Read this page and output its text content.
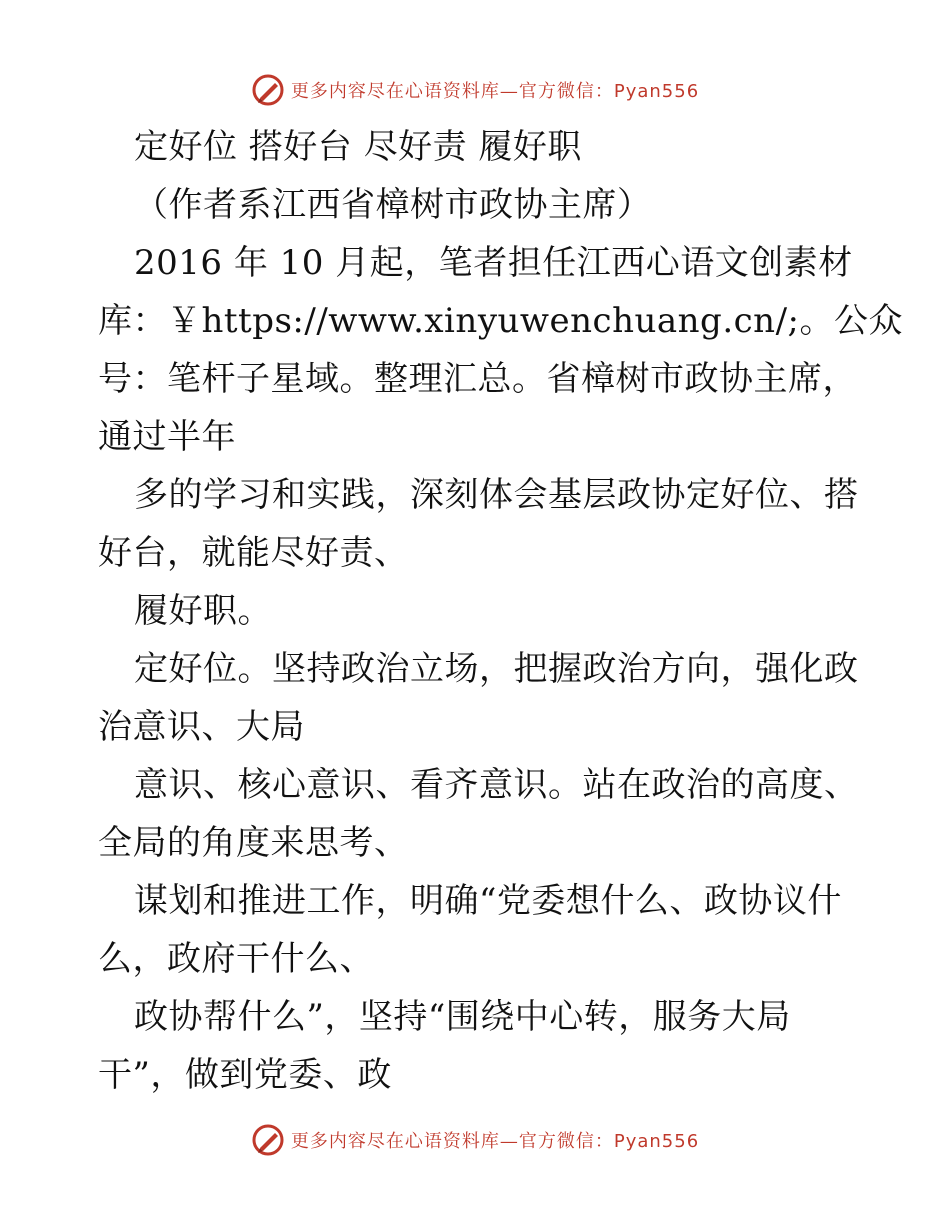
更多内容尽在心语资料库—官方微信：Pyan556
定好位 搭好台 尽好责 履好职
（作者系江西省樟树市政协主席）
2016 年 10 月起，笔者担任江西心语文创素材
库：￥https://www.xinyuwenchuang.cn/;。公众
号：笔杆子星域。整理汇总。省樟树市政协主席，
通过半年
多的学习和实践，深刻体会基层政协定好位、搭
好台，就能尽好责、
履好职。
定好位。坚持政治立场，把握政治方向，强化政
治意识、大局
意识、核心意识、看齐意识。站在政治的高度、
全局的角度来思考、
谋划和推进工作，明确“党委想什么、政协议什
么，政府干什么、
政协帮什么”，坚持“围绕中心转，服务大局
干”，做到党委、政
更多内容尽在心语资料库—官方微信：Pyan556
